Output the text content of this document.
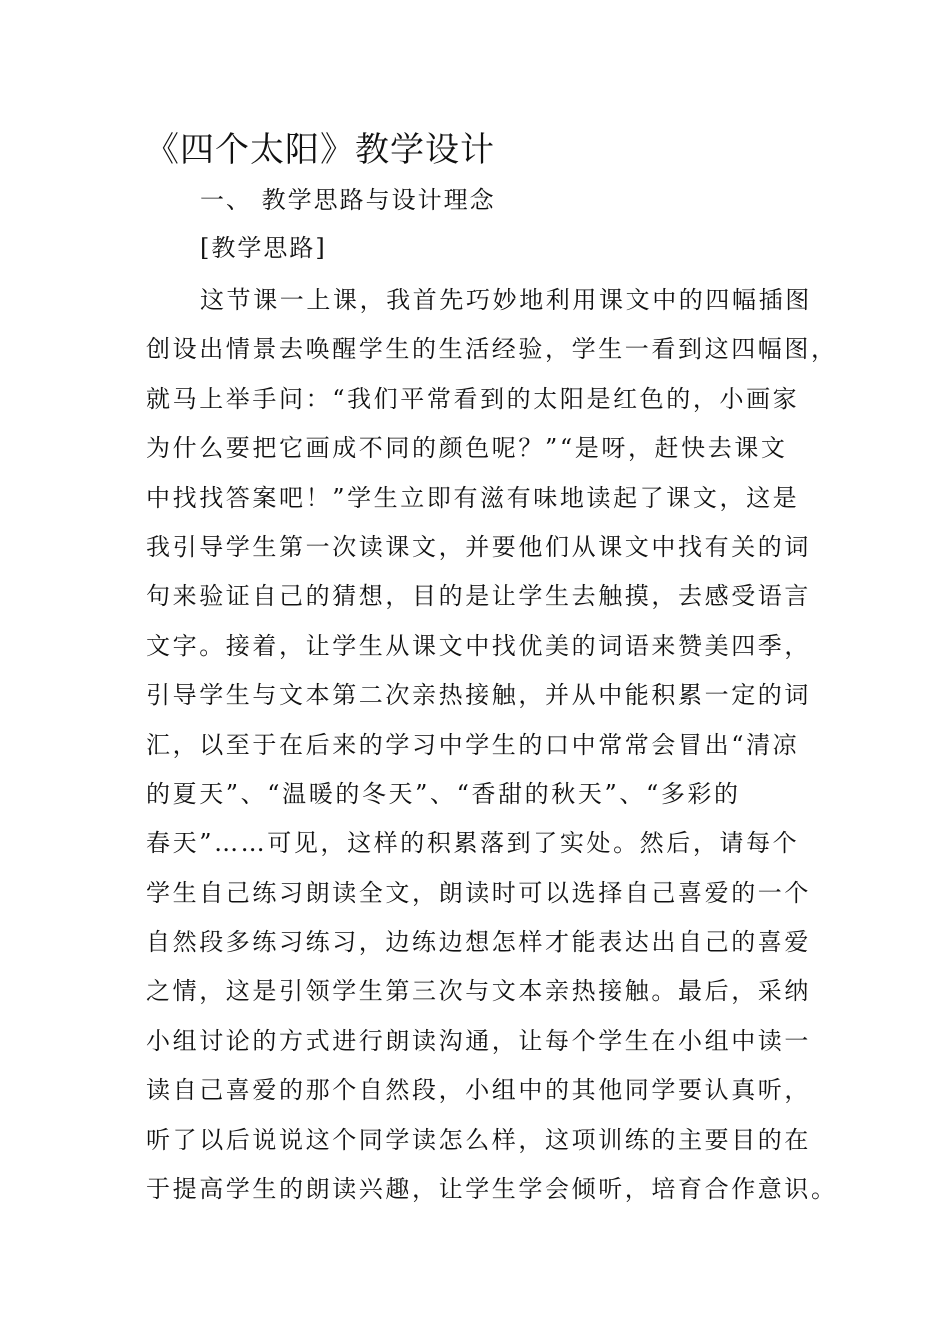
《四个太阳》教学设计
一、 教学思路与设计理念
[教学思路]
这节课一上课，我首先巧妙地利用课文中的四幅插图
创设出情景去唤醒学生的生活经验，学生一看到这四幅图，
就马上举手问：“我们平常看到的太阳是红色的，小画家
为什么要把它画成不同的颜色呢？”“是呀，赶快去课文
中找找答案吧！”学生立即有滋有味地读起了课文，这是
我引导学生第一次读课文，并要他们从课文中找有关的词
句来验证自己的猜想，目的是让学生去触摸，去感受语言
文字。接着，让学生从课文中找优美的词语来赞美四季，
引导学生与文本第二次亲热接触，并从中能积累一定的词
汇，以至于在后来的学习中学生的口中常常会冒出“清凉
的夏天”、“温暖的冬天”、“香甜的秋天”、“多彩的
春天”……可见，这样的积累落到了实处。然后，请每个
学生自己练习朗读全文，朗读时可以选择自己喜爱的一个
自然段多练习练习，边练边想怎样才能表达出自己的喜爱
之情，这是引领学生第三次与文本亲热接触。最后，采纳
小组讨论的方式进行朗读沟通，让每个学生在小组中读一
读自己喜爱的那个自然段，小组中的其他同学要认真听，
听了以后说说这个同学读怎么样，这项训练的主要目的在
于提高学生的朗读兴趣，让学生学会倾听，培育合作意识。
